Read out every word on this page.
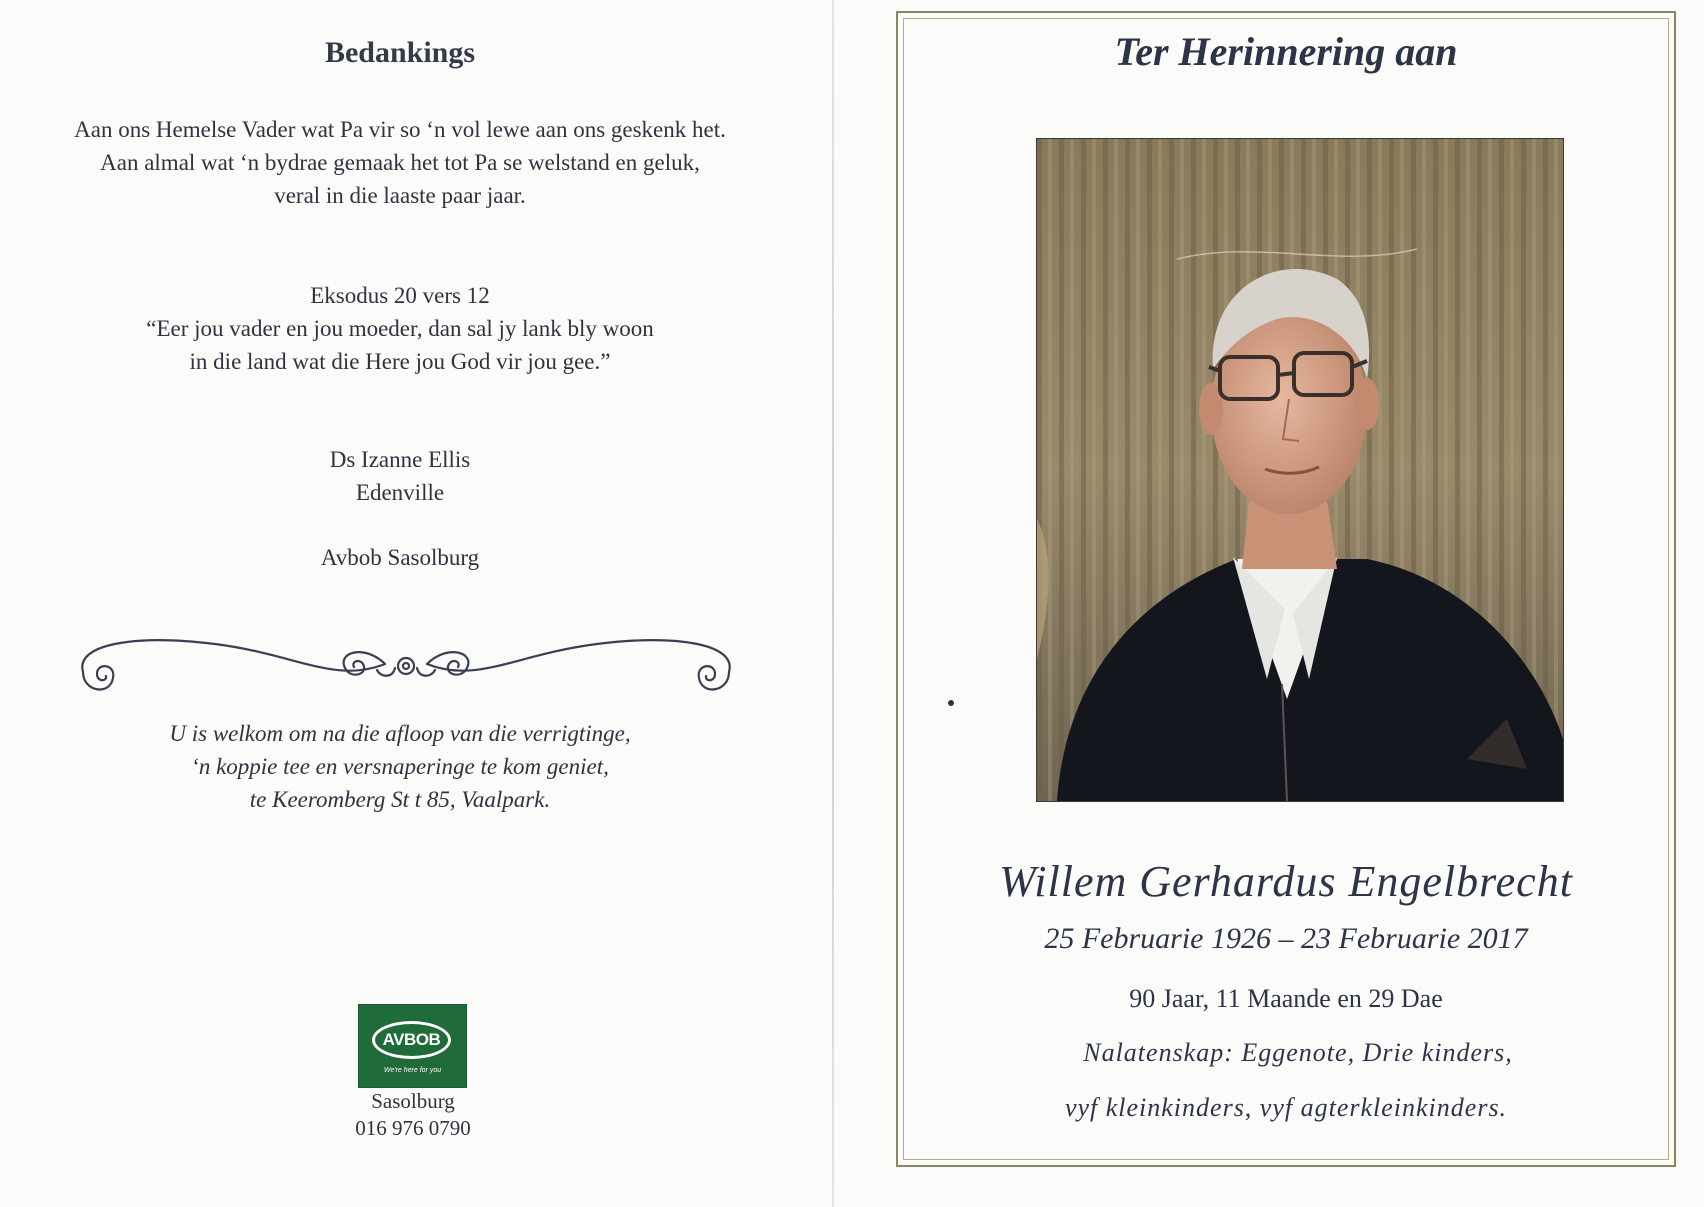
Bedankings
Aan ons Hemelse Vader wat Pa vir so ‘n vol lewe aan ons geskenk het.
Aan almal wat ‘n bydrae gemaak het tot Pa se welstand en geluk,
veral in die laaste paar jaar.
Eksodus 20 vers 12
“Eer jou vader en jou moeder, dan sal jy lank bly woon
in die land wat die Here jou God vir jou gee.”
Ds Izanne Ellis
Edenville
Avbob Sasolburg
U is welkom om na die afloop van die verrigtinge,
‘n koppie tee en versnaperinge te kom geniet,
te Keeromberg St t 85, Vaalpark.
AVBOB
We're here for you
Sasolburg
016 976 0790
Ter Herinnering aan
Willem Gerhardus Engelbrecht
25 Februarie 1926 – 23 Februarie 2017
90 Jaar, 11 Maande en 29 Dae
Nalatenskap: Eggenote, Drie kinders,
vyf kleinkinders, vyf agterkleinkinders.
